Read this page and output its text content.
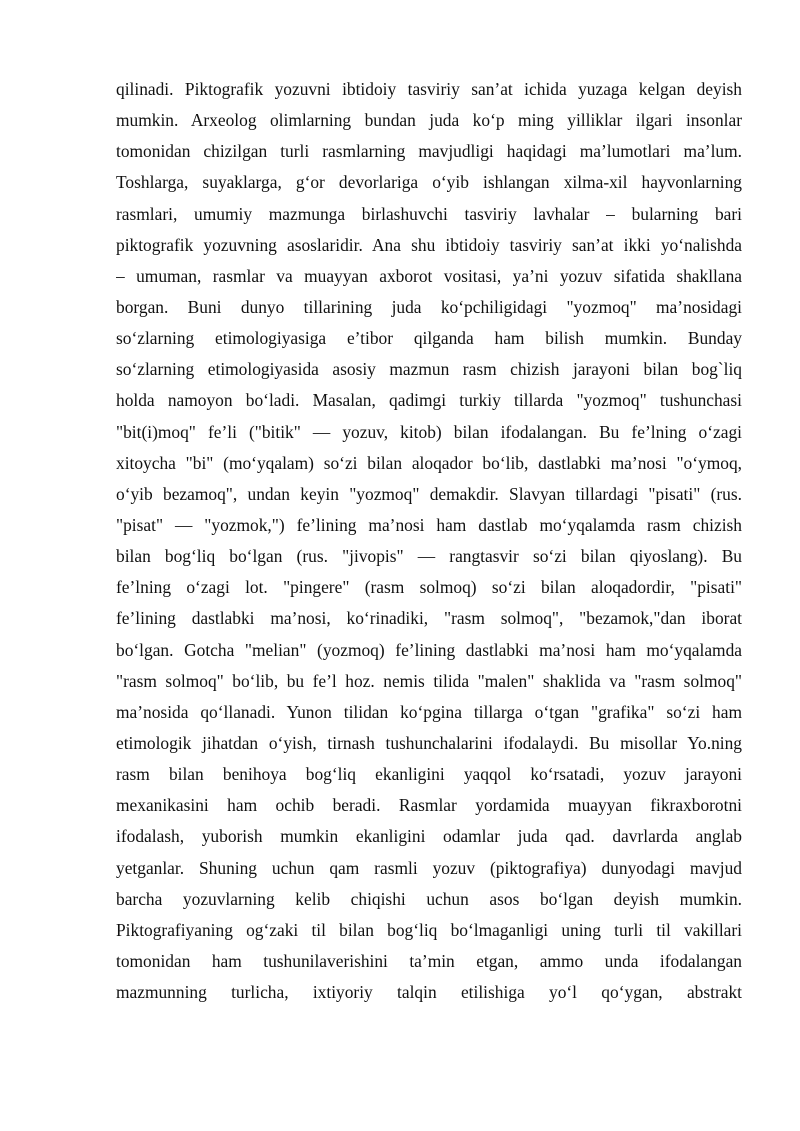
qilinadi. Piktografik yozuvni ibtidoiy tasviriy san’at ichida yuzaga kelgan deyish
mumkin. Arxeolog olimlarning bundan juda ko‘p ming yilliklar ilgari insonlar
tomonidan chizilgan turli rasmlarning mavjudligi haqidagi ma’lumotlari ma’lum.
Toshlarga, suyaklarga, g‘or devorlariga o‘yib ishlangan xilma-xil hayvonlarning
rasmlari, umumiy mazmunga birlashuvchi tasviriy lavhalar – bularning bari
piktografik yozuvning asoslaridir. Ana shu ibtidoiy tasviriy san’at ikki yo‘nalishda
– umuman, rasmlar va muayyan axborot vositasi, ya’ni yozuv sifatida shakllana
borgan. Buni dunyo tillarining juda ko‘pchiligidagi "yozmoq" ma’nosidagi
so‘zlarning etimologiyasiga e’tibor qilganda ham bilish mumkin. Bunday
so‘zlarning etimologiyasida asosiy mazmun rasm chizish jarayoni bilan bog`liq
holda namoyon bo‘ladi. Masalan, qadimgi turkiy tillarda "yozmoq" tushunchasi
"bit(i)moq" fe’li ("bitik" — yozuv, kitob) bilan ifodalangan. Bu fe’lning o‘zagi
xitoycha "bi" (mo‘yqalam) so‘zi bilan aloqador bo‘lib, dastlabki ma’nosi "o‘ymoq,
o‘yib bezamoq", undan keyin "yozmoq" demakdir. Slavyan tillardagi "pisati" (rus.
"pisat" — "yozmok,") fe’lining ma’nosi ham dastlab mo‘yqalamda rasm chizish
bilan bog‘liq bo‘lgan (rus. "jivopis" — rangtasvir so‘zi bilan qiyoslang). Bu
fe’lning o‘zagi lot. "pingere" (rasm solmoq) so‘zi bilan aloqadordir, "pisati"
fe’lining dastlabki ma’nosi, ko‘rinadiki, "rasm solmoq", "bezamok,"dan iborat
bo‘lgan. Gotcha "melian" (yozmoq) fe’lining dastlabki ma’nosi ham mo‘yqalamda
"rasm solmoq" bo‘lib, bu fe’l hoz. nemis tilida "malen" shaklida va "rasm solmoq"
ma’nosida qo‘llanadi. Yunon tilidan ko‘pgina tillarga o‘tgan "grafika" so‘zi ham
etimologik jihatdan o‘yish, tirnash tushunchalarini ifodalaydi. Bu misollar Yo.ning
rasm bilan benihoya bog‘liq ekanligini yaqqol ko‘rsatadi, yozuv jarayoni
mexanikasini ham ochib beradi. Rasmlar yordamida muayyan fikraxborotni
ifodalash, yuborish mumkin ekanligini odamlar juda qad. davrlarda anglab
yetganlar. Shuning uchun qam rasmli yozuv (piktografiya) dunyodagi mavjud
barcha yozuvlarning kelib chiqishi uchun asos bo‘lgan deyish mumkin.
Piktografiyaning og‘zaki til bilan bog‘liq bo‘lmaganligi uning turli til vakillari
tomonidan ham tushunilaverishini ta’min etgan, ammo unda ifodalangan
mazmunning turlicha, ixtiyoriy talqin etilishiga yo‘l qo‘ygan, abstrakt
